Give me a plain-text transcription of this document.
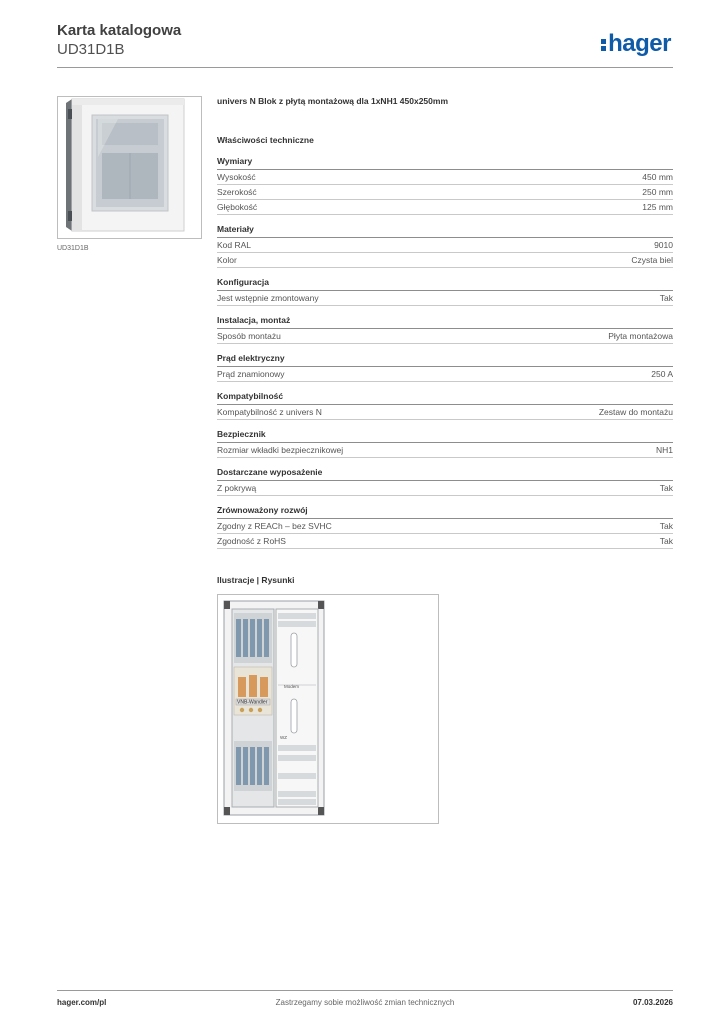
Karta katalogowa
UD31D1B	hager
UD31D1B
univers N Blok z płytą montażową dla 1xNH1 450x250mm
Właściwości techniczne
Wymiary
Wysokość	450 mm
Szerokość	250 mm
Głębokość	125 mm
Materiały
Kod RAL	9010
Kolor	Czysta biel
Konfiguracja
Jest wstępnie zmontowany	Tak
Instalacja, montaż
Sposób montażu	Płyta montażowa
Prąd elektryczny
Prąd znamionowy	250 A
Kompatybilność
Kompatybilność z univers N	Zestaw do montażu
Bezpiecznik
Rozmiar wkładki bezpiecznikowej	NH1
Dostarczane wyposażenie
Z pokrywą	Tak
Zrównoważony rozwój
Zgodny z REACh – bez SVHC	Tak
Zgodność z RoHS	Tak
Ilustracje | Rysunki
VNB-Wandler
Modem
WZ
hager.com/pl	Zastrzegamy sobie możliwość zmian technicznych	07.03.2026
